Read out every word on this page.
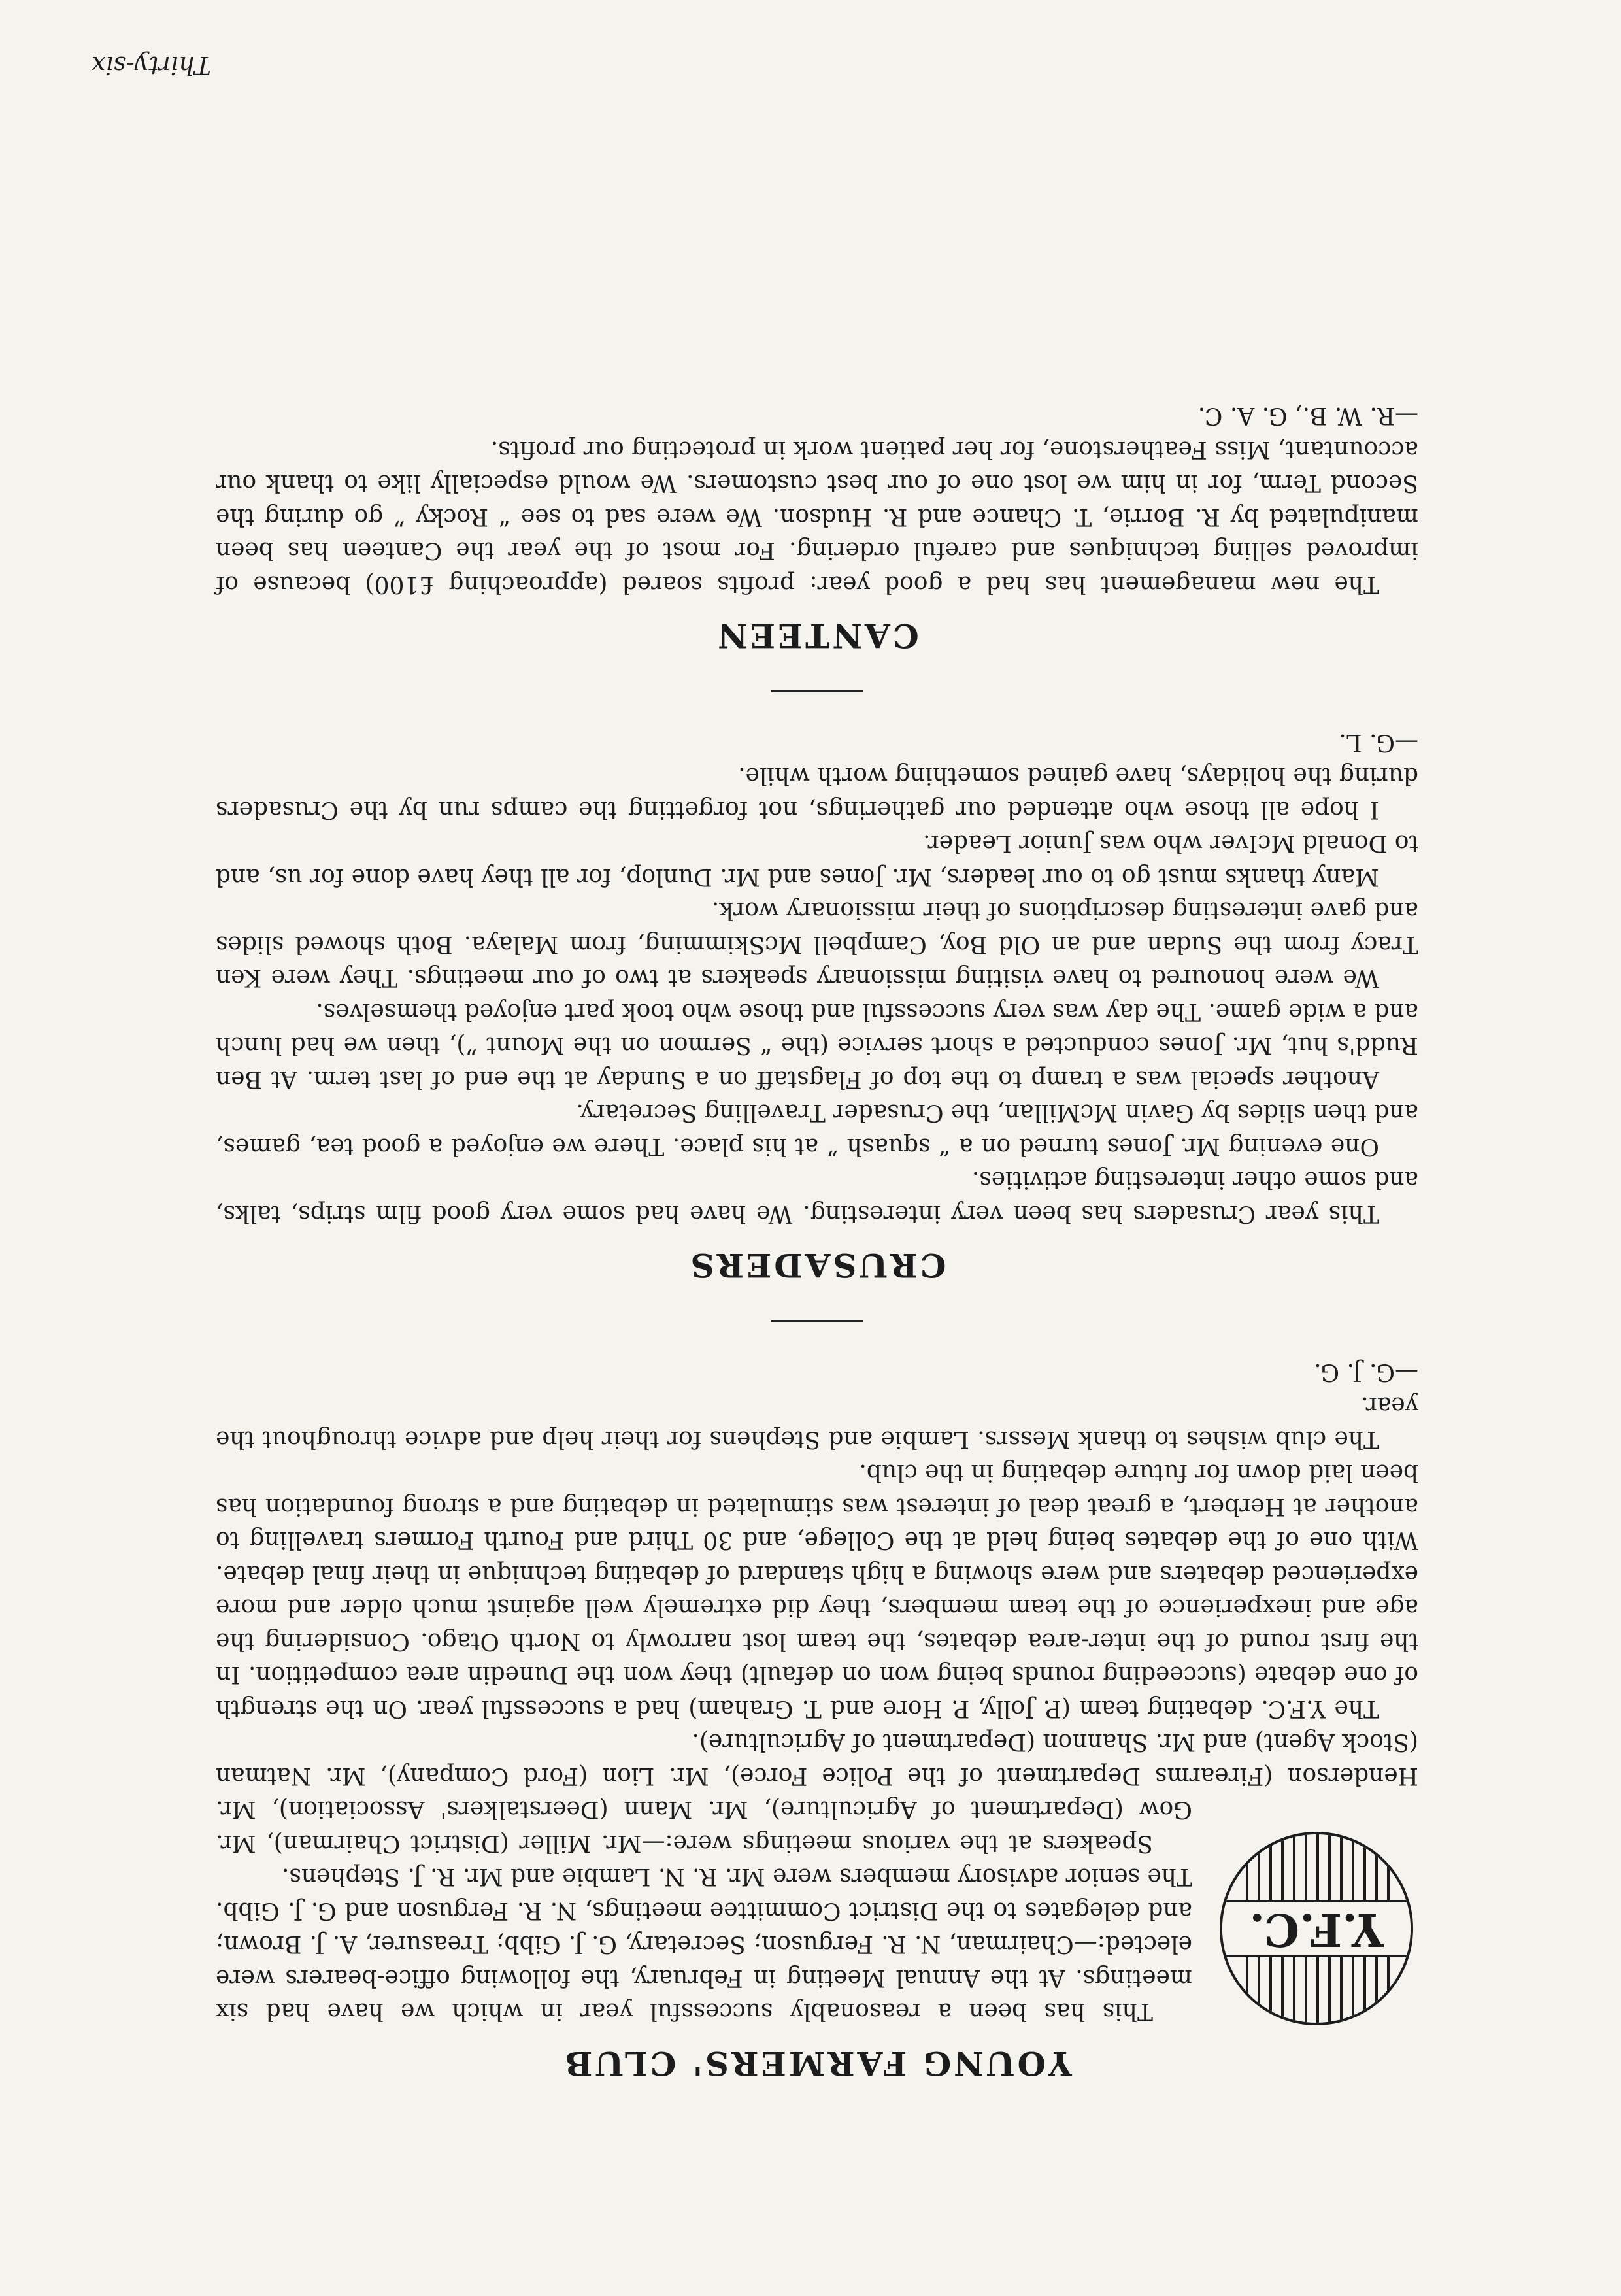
YOUNG FARMERS' CLUB
Y.F.C.

This has been a reasonably successful year in which we have had six meetings. At the Annual Meeting in February, the following office-bearers were elected:—Chairman, N. R. Ferguson; Secretary, G. J. Gibb; Treasurer, A. J. Brown; and delegates to the District Committee meetings, N. R. Ferguson and G. J. Gibb. The senior advisory members were Mr. R. N. Lambie and Mr. R. J. Stephens.

Speakers at the various meetings were:—Mr. Miller (District Chairman), Mr. Gow (Department of Agriculture), Mr. Mann (Deerstalkers' Association), Mr. Henderson (Firearms Department of the Police Force), Mr. Lion (Ford Company), Mr. Natman (Stock Agent) and Mr. Shannon (Department of Agriculture).

The Y.F.C. debating team (P. Jolly, P. Hore and T. Graham) had a successful year. On the strength of one debate (succeeding rounds being won on default) they won the Dunedin area competition. In the first round of the inter-area debates, the team lost narrowly to North Otago. Considering the age and inexperience of the team members, they did extremely well against much older and more experienced debaters and were showing a high standard of debating technique in their final debate. With one of the debates being held at the College, and 30 Third and Fourth Formers travelling to another at Herbert, a great deal of interest was stimulated in debating and a strong foundation has been laid down for future debating in the club.

The club wishes to thank Messrs. Lambie and Stephens for their help and advice throughout the year.

—G. J. G.

CRUSADERS

This year Crusaders has been very interesting. We have had some very good film strips, talks, and some other interesting activities.

One evening Mr. Jones turned on a “ squash ” at his place. There we enjoyed a good tea, games, and then slides by Gavin McMillan, the Crusader Travelling Secretary.

Another special was a tramp to the top of Flagstaff on a Sunday at the end of last term. At Ben Rudd's hut, Mr. Jones conducted a short service (the “ Sermon on the Mount ”), then we had lunch and a wide game. The day was very successful and those who took part enjoyed themselves.

We were honoured to have visiting missionary speakers at two of our meetings. They were Ken Tracy from the Sudan and an Old Boy, Campbell McSkimming, from Malaya. Both showed slides and gave interesting descriptions of their missionary work.

Many thanks must go to our leaders, Mr. Jones and Mr. Dunlop, for all they have done for us, and to Donald McIver who was Junior Leader.

I hope all those who attended our gatherings, not forgetting the camps run by the Crusaders during the holidays, have gained something worth while.

—G. L.

CANTEEN

The new management has had a good year: profits soared (approaching £100) because of improved selling techniques and careful ordering. For most of the year the Canteen has been manipulated by R. Borrie, T. Chance and R. Hudson. We were sad to see “ Rocky ” go during the Second Term, for in him we lost one of our best customers. We would especially like to thank our accountant, Miss Featherstone, for her patient work in protecting our profits.

—R. W. B., G. A. C.

Thirty-six
